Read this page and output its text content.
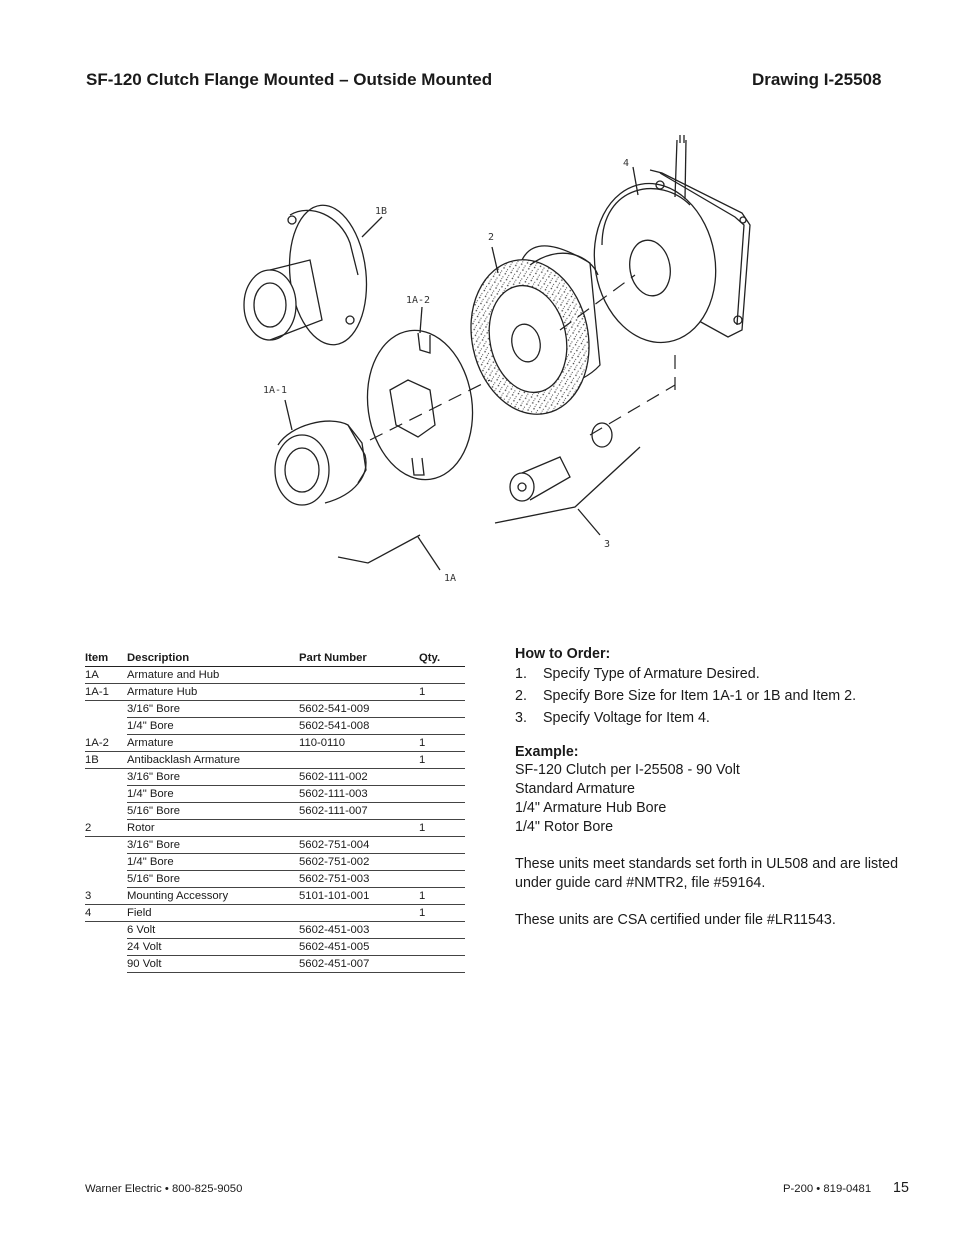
SF-120 Clutch Flange Mounted – Outside Mounted	Drawing I-25508
4
1B
2
1A-2
1A-1
3
1A
Item	Description	Part Number	Qty.
1A	Armature and Hub		
1A-1	Armature Hub		1
	3/16" Bore	5602-541-009	
	1/4" Bore	5602-541-008	
1A-2	Armature	110-0110	1
1B	Antibacklash Armature		1
	3/16" Bore	5602-111-002	
	1/4" Bore	5602-111-003	
	5/16" Bore	5602-111-007	
2	Rotor		1
	3/16" Bore	5602-751-004	
	1/4" Bore	5602-751-002	
	5/16" Bore	5602-751-003	
3	Mounting Accessory	5101-101-001	1
4	Field		1
	6 Volt	5602-451-003	
	24 Volt	5602-451-005	
	90 Volt	5602-451-007	
How to Order:
1.	Specify Type of Armature Desired.
2.	Specify Bore Size for Item 1A-1 or 1B and Item 2.
3.	Specify Voltage for Item 4.
Example:

SF-120 Clutch per I-25508 - 90 Volt

Standard Armature

1/4" Armature Hub Bore

1/4" Rotor Bore

These units meet standards set forth in UL508 and are listed under guide card #NMTR2, file #59164.

These units are CSA certified under file #LR11543.

Warner Electric • 800-825-9050	P-200 • 819-0481 15
